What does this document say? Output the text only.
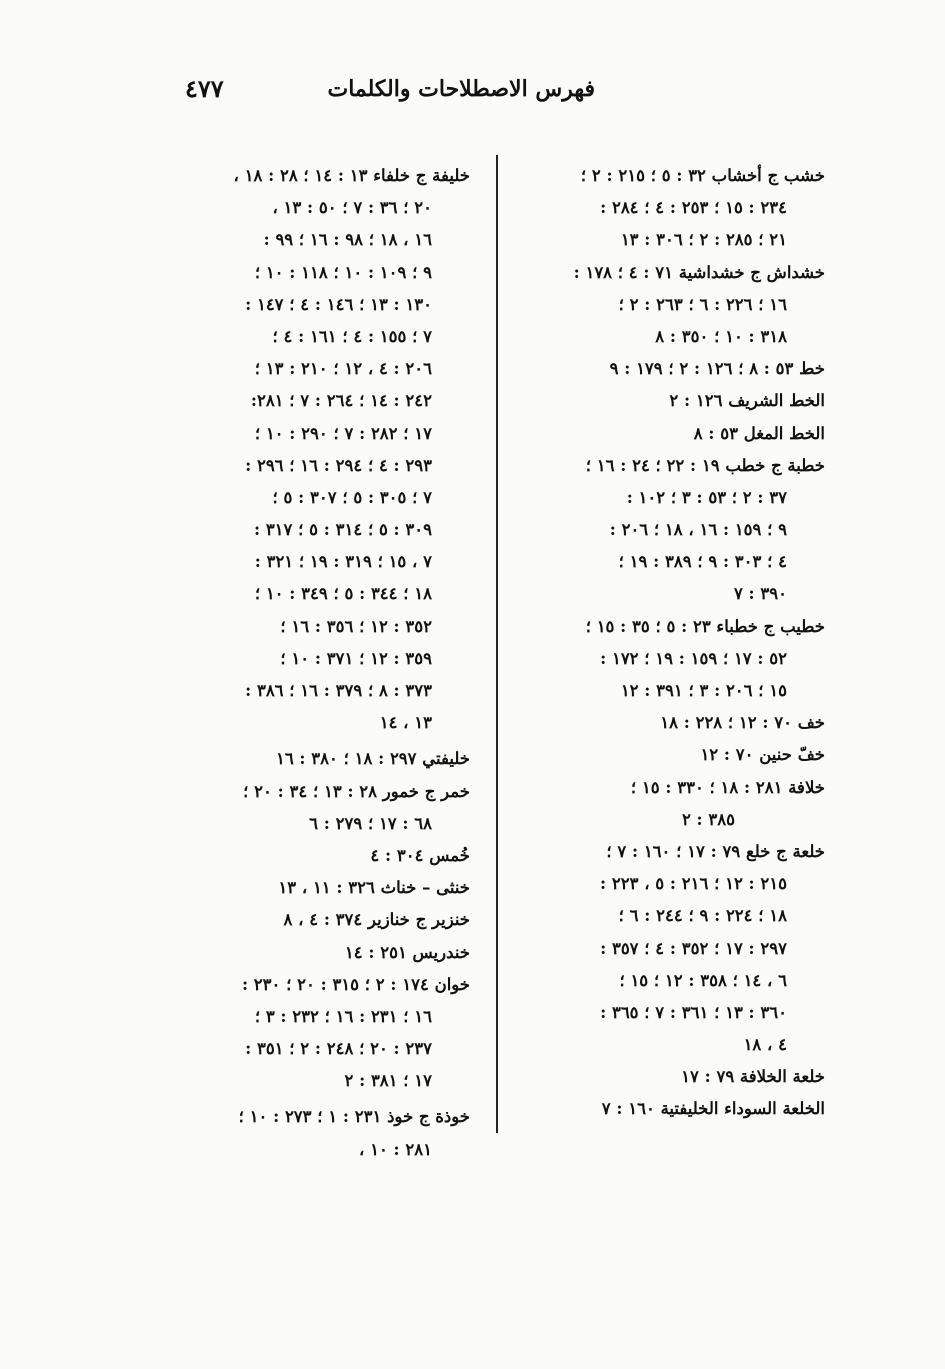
فهرس الاصطلاحات والكلمات
٤٧٧
خشب ج أخشاب ٣٢ : ٥ ؛ ٢١٥ : ٢ ؛
٢٣٤ : ١٥ ؛ ٢٥٣ : ٤ ؛ ٢٨٤ :
٢١ ؛ ٢٨٥ : ٢ ؛ ٣٠٦ : ١٣
خشداش ج خشداشية ٧١ : ٤ ؛ ١٧٨ :
١٦ ؛ ٢٢٦ : ٦ ؛ ٢٦٣ : ٢ ؛
٣١٨ : ١٠ ؛ ٣٥٠ : ٨
خط ٥٣ : ٨ ؛ ١٢٦ : ٢ ؛ ١٧٩ : ٩
الخط الشريف ١٢٦ : ٢
الخط المغل ٥٣ : ٨
خطبة ج خطب ١٩ : ٢٢ ؛ ٢٤ : ١٦ ؛
٣٧ : ٢ ؛ ٥٣ : ٣ ؛ ١٠٢ :
٩ ؛ ١٥٩ : ١٦ ، ١٨ ؛ ٢٠٦ :
٤ ؛ ٣٠٣ : ٩ ؛ ٣٨٩ : ١٩ ؛
٣٩٠ : ٧
خطيب ج خطباء ٢٣ : ٥ ؛ ٣٥ : ١٥ ؛
٥٢ : ١٧ ؛ ١٥٩ : ١٩ ؛ ١٧٢ :
١٥ ؛ ٢٠٦ : ٣ ؛ ٣٩١ : ١٢
خف ٧٠ : ١٢ ؛ ٢٢٨ : ١٨
خفّ حنين ٧٠ : ١٢
خلافة ٢٨١ : ١٨ ؛ ٣٣٠ : ١٥ ؛
٣٨٥ : ٢
خلعة ج خلع ٧٩ : ١٧ ؛ ١٦٠ : ٧ ؛
٢١٥ : ١٢ ؛ ٢١٦ : ٥ ، ٢٢٣ :
١٨ ؛ ٢٢٤ : ٩ ؛ ٢٤٤ : ٦ ؛
٢٩٧ : ١٧ ؛ ٣٥٢ : ٤ ؛ ٣٥٧ :
٦ ، ١٤ ؛ ٣٥٨ : ١٢ ؛ ١٥ ؛
٣٦٠ : ١٣ ؛ ٣٦١ : ٧ ؛ ٣٦٥ :
٤ ، ١٨
خلعة الخلافة ٧٩ : ١٧
الخلعة السوداء الخليفتية ١٦٠ : ٧
خليفة ج خلفاء ١٣ : ١٤ ؛ ٢٨ : ١٨ ،
٢٠ ؛ ٣٦ : ٧ ؛ ٥٠ : ١٣ ،
١٦ ، ١٨ ؛ ٩٨ : ١٦ ؛ ٩٩ :
٩ ؛ ١٠٩ : ١٠ ؛ ١١٨ : ١٠ ؛
١٣٠ : ١٣ ؛ ١٤٦ : ٤ ؛ ١٤٧ :
٧ ؛ ١٥٥ : ٤ ؛ ١٦١ : ٤ ؛
٢٠٦ : ٤ ، ١٢ ؛ ٢١٠ : ١٣ ؛
٢٤٢ : ١٤ ؛ ٢٦٤ : ٧ ؛ ٢٨١:
١٧ ؛ ٢٨٢ : ٧ ؛ ٢٩٠ : ١٠ ؛
٢٩٣ : ٤ ؛ ٢٩٤ : ١٦ ؛ ٢٩٦ :
٧ ؛ ٣٠٥ : ٥ ؛ ٣٠٧ : ٥ ؛
٣٠٩ : ٥ ؛ ٣١٤ : ٥ ؛ ٣١٧ :
٧ ، ١٥ ؛ ٣١٩ : ١٩ ؛ ٣٢١ :
١٨ ؛ ٣٤٤ : ٥ ؛ ٣٤٩ : ١٠ ؛
٣٥٢ : ١٢ ؛ ٣٥٦ : ١٦ ؛
٣٥٩ : ١٢ ؛ ٣٧١ : ١٠ ؛
٣٧٣ : ٨ ؛ ٣٧٩ : ١٦ ؛ ٣٨٦ :
١٣ ، ١٤
خليفتي ٢٩٧ : ١٨ ؛ ٣٨٠ : ١٦
خمر ج خمور ٢٨ : ١٣ ؛ ٣٤ : ٢٠ ؛
٦٨ : ١٧ ؛ ٢٧٩ : ٦
خُمس ٣٠٤ : ٤
خنثى – خناث ٣٢٦ : ١١ ، ١٣
خنزير ج خنازير ٣٧٤ : ٤ ، ٨
خندريس ٢٥١ : ١٤
خوان ١٧٤ : ٢ ؛ ٣١٥ : ٢٠ ؛ ٢٣٠ :
١٦ ؛ ٢٣١ : ١٦ ؛ ٢٣٢ : ٣ ؛
٢٣٧ : ٢٠ ؛ ٢٤٨ : ٢ ؛ ٣٥١ :
١٧ ؛ ٣٨١ : ٢
خوذة ج خوذ ٢٣١ : ١ ؛ ٢٧٣ : ١٠ ؛
٢٨١ : ١٠ ،
